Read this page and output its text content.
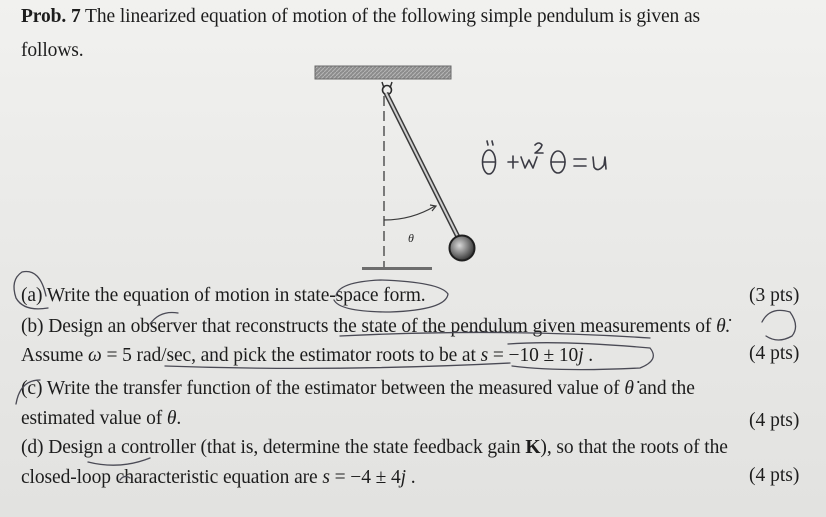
Prob. 7 The linearized equation of motion of the following simple pendulum is given as
follows.
θ
(a) Write the equation of motion in state-space form.	(3 pts)
(b) Design an observer that reconstructs the state of the pendulum given measurements of θ̇.
Assume ω = 5 rad/sec, and pick the estimator roots to be at s = −10 ± 10j .	(4 pts)
(c) Write the transfer function of the estimator between the measured value of θ̇ and the
estimated value of θ.	(4 pts)
(d) Design a controller (that is, determine the state feedback gain K), so that the roots of the
closed-loop characteristic equation are s = −4 ± 4j .	(4 pts)
